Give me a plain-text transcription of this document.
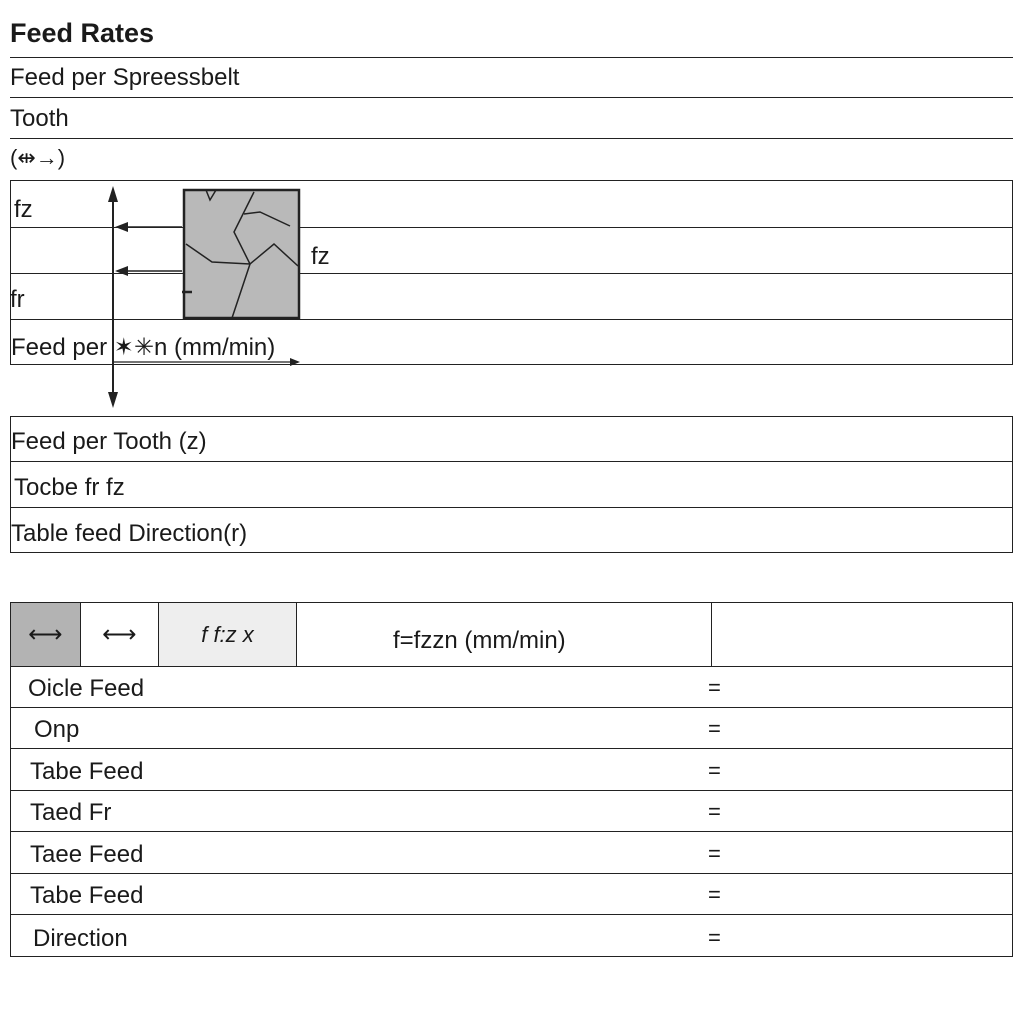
Feed Rates
Feed per Spreessbelt
Tooth
(⇹→)
fz
fz
fr
Feed per ✶✳n (mm/min)
Feed per Tooth (z)
Tocbe fr fz
Table feed Direction(r)
⟷ ⟷	f f:z x	f=fzzn (mm/min)
Oicle Feed	=
Onp	=
Tabe Feed	=
Taed Fr	=
Taee Feed	=
Tabe Feed	=
Direction	=
